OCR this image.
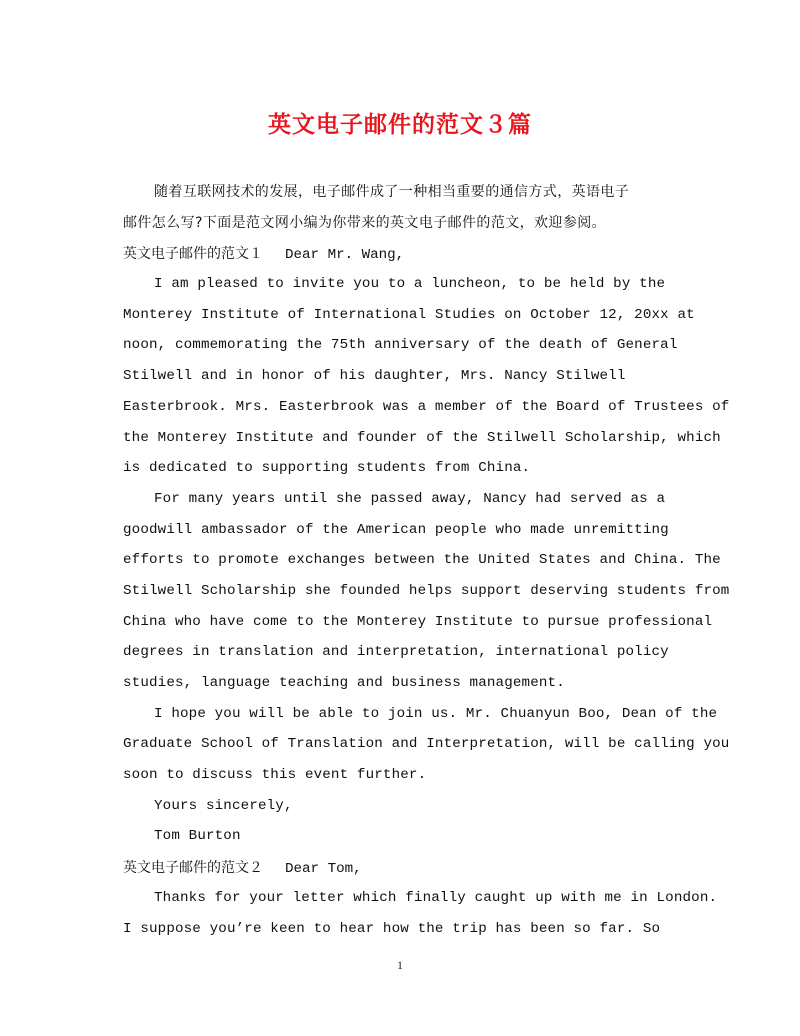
英文电子邮件的范文３篇
随着互联网技术的发展，电子邮件成了一种相当重要的通信方式，英语电子
邮件怎么写?下面是范文网小编为你带来的英文电子邮件的范文，欢迎参阅。
英文电子邮件的范文１ Dear Mr. Wang,
I am pleased to invite you to a luncheon, to be held by the
Monterey Institute of International Studies on October 12, 20xx at
noon, commemorating the 75th anniversary of the death of General
Stilwell and in honor of his daughter, Mrs. Nancy Stilwell
Easterbrook. Mrs. Easterbrook was a member of the Board of Trustees of
the Monterey Institute and founder of the Stilwell Scholarship, which
is dedicated to supporting students from China.
For many years until she passed away, Nancy had served as a
goodwill ambassador of the American people who made unremitting
efforts to promote exchanges between the United States and China. The
Stilwell Scholarship she founded helps support deserving students from
China who have come to the Monterey Institute to pursue professional
degrees in translation and interpretation, international policy
studies, language teaching and business management.
I hope you will be able to join us. Mr. Chuanyun Boo, Dean of the
Graduate School of Translation and Interpretation, will be calling you
soon to discuss this event further.
Yours sincerely,
Tom Burton
英文电子邮件的范文２ Dear Tom,
Thanks for your letter which finally caught up with me in London.
I suppose you’re keen to hear how the trip has been so far. So
1
